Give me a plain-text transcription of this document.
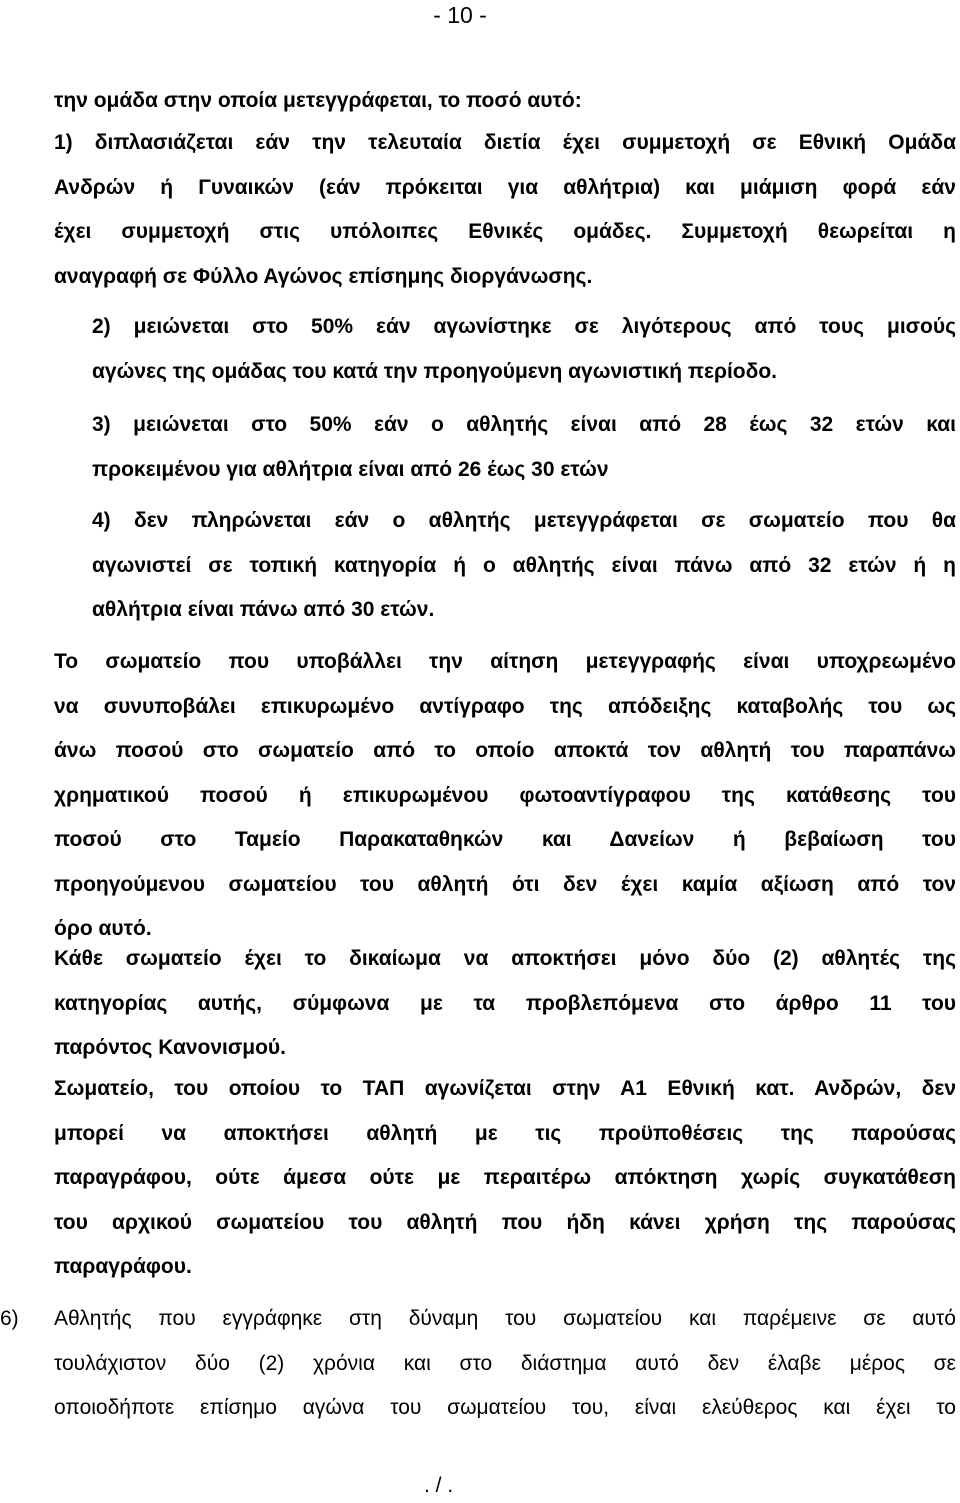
- 10 -
την ομάδα στην οποία μετεγγράφεται, το ποσό αυτό:
1) διπλασιάζεται εάν την τελευταία διετία έχει συμμετοχή σε Εθνική Ομάδα
Ανδρών ή Γυναικών (εάν πρόκειται για αθλήτρια) και μιάμιση φορά εάν
έχει συμμετοχή στις υπόλοιπες Εθνικές ομάδες. Συμμετοχή θεωρείται η
αναγραφή σε Φύλλο Αγώνος επίσημης διοργάνωσης.
2) μειώνεται στο 50% εάν αγωνίστηκε σε λιγότερους από τους μισούς
αγώνες της ομάδας του κατά την προηγούμενη αγωνιστική περίοδο.
3) μειώνεται στο 50% εάν ο αθλητής είναι από 28 έως 32 ετών και
προκειμένου για αθλήτρια είναι από 26 έως 30 ετών
4) δεν πληρώνεται εάν ο αθλητής μετεγγράφεται σε σωματείο που θα
αγωνιστεί σε τοπική κατηγορία ή ο αθλητής είναι πάνω από 32 ετών ή η
αθλήτρια είναι πάνω από 30 ετών.
Το σωματείο που υποβάλλει την αίτηση μετεγγραφής είναι υποχρεωμένο
να συνυποβάλει επικυρωμένο αντίγραφο της απόδειξης καταβολής του ως
άνω ποσού στο σωματείο από το οποίο αποκτά τον αθλητή του παραπάνω
χρηματικού ποσού ή επικυρωμένου φωτοαντίγραφου της κατάθεσης του
ποσού στο Ταμείο Παρακαταθηκών και Δανείων ή βεβαίωση του
προηγούμενου σωματείου του αθλητή ότι δεν έχει καμία αξίωση από τον
όρο αυτό.
Κάθε σωματείο έχει το δικαίωμα να αποκτήσει μόνο δύο (2) αθλητές της
κατηγορίας αυτής, σύμφωνα με τα προβλεπόμενα στο άρθρο 11 του
παρόντος Κανονισμού.
Σωματείο, του οποίου το ΤΑΠ αγωνίζεται στην Α1 Εθνική κατ. Ανδρών, δεν
μπορεί να αποκτήσει αθλητή με τις προϋποθέσεις της παρούσας
παραγράφου, ούτε άμεσα ούτε με περαιτέρω απόκτηση χωρίς συγκατάθεση
του αρχικού σωματείου του αθλητή που ήδη κάνει χρήση της παρούσας
παραγράφου.
6) Αθλητής που εγγράφηκε στη δύναμη του σωματείου και παρέμεινε σε αυτό
τουλάχιστον δύο (2) χρόνια και στο διάστημα αυτό δεν έλαβε μέρος σε
οποιοδήποτε επίσημο αγώνα του σωματείου του, είναι ελεύθερος και έχει το
. / .
